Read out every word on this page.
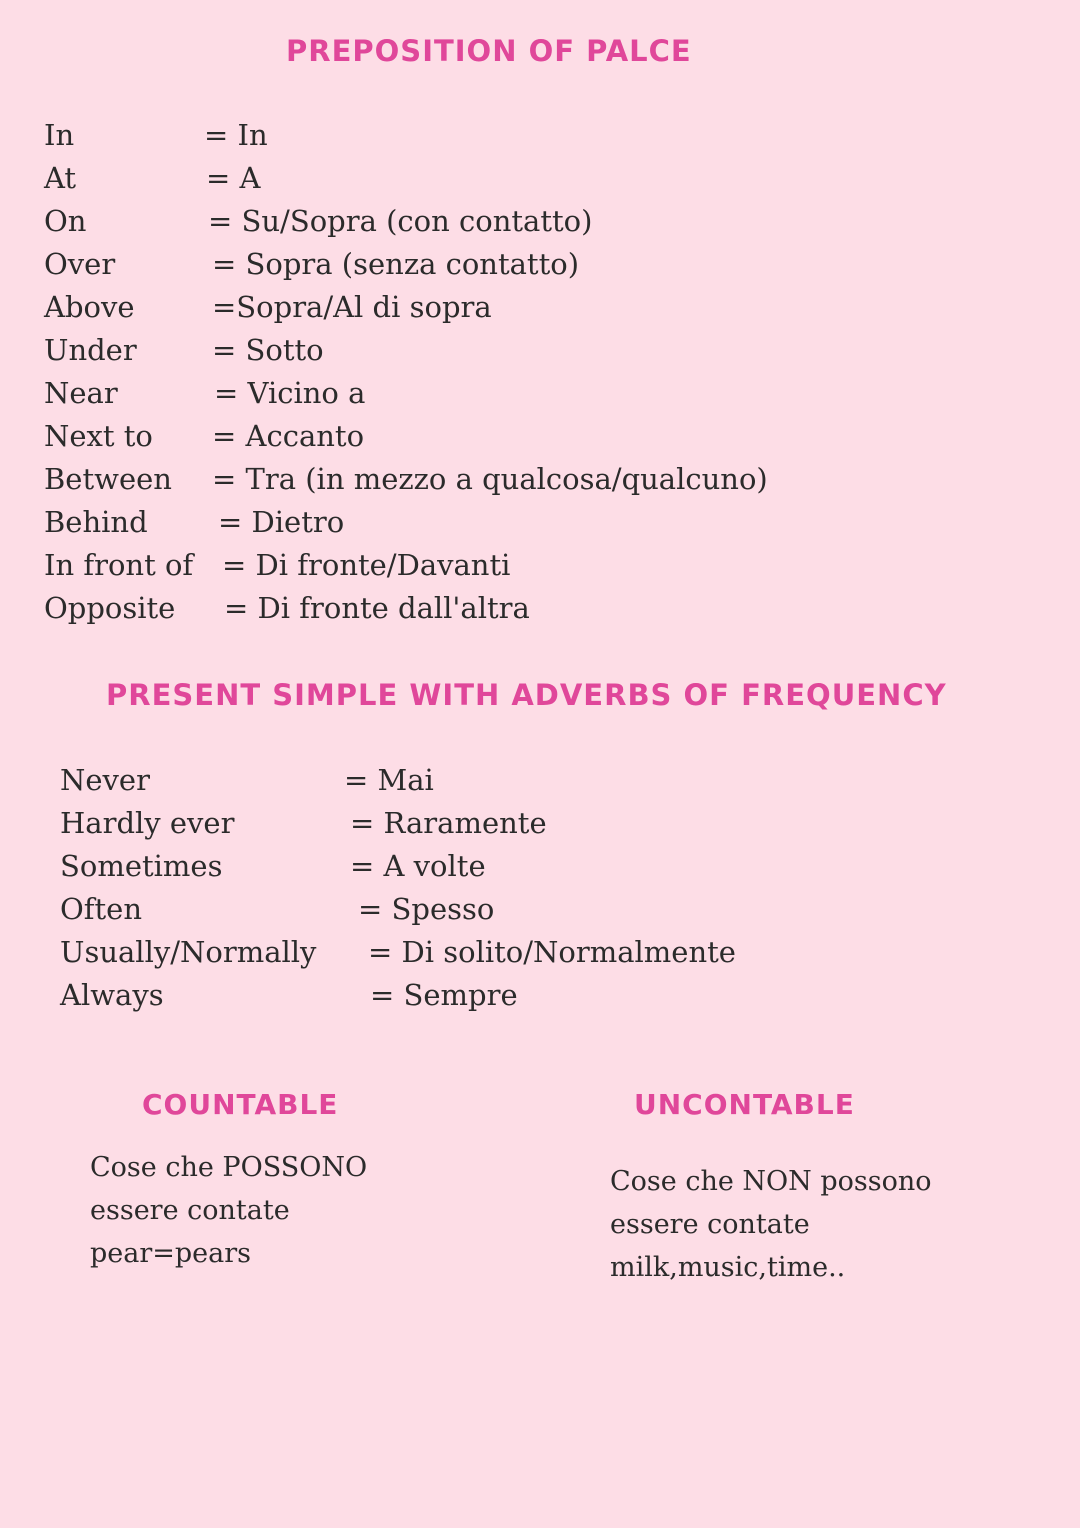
PREPOSITION OF PALCE
In	= In
At	= A
On	= Su/Sopra (con contatto)
Over	= Sopra (senza contatto)
Above	=Sopra/Al di sopra
Under	= Sotto
Near	= Vicino a
Next to = Accanto
Between = Tra (in mezzo a qualcosa/qualcuno)
Behind = Dietro
In front of = Di fronte/Davanti
Opposite = Di fronte dall'altra
PRESENT SIMPLE WITH ADVERBS OF FREQUENCY
Never	= Mai
Hardly ever	= Raramente
Sometimes	= A volte
Often	= Spesso
Usually/Normally = Di solito/Normalmente
Always	= Sempre
COUNTABLE	UNCONTABLE
Cose che POSSONO
essere contate
pear=pears
Cose che NON possono
essere contate
milk,music,time..
